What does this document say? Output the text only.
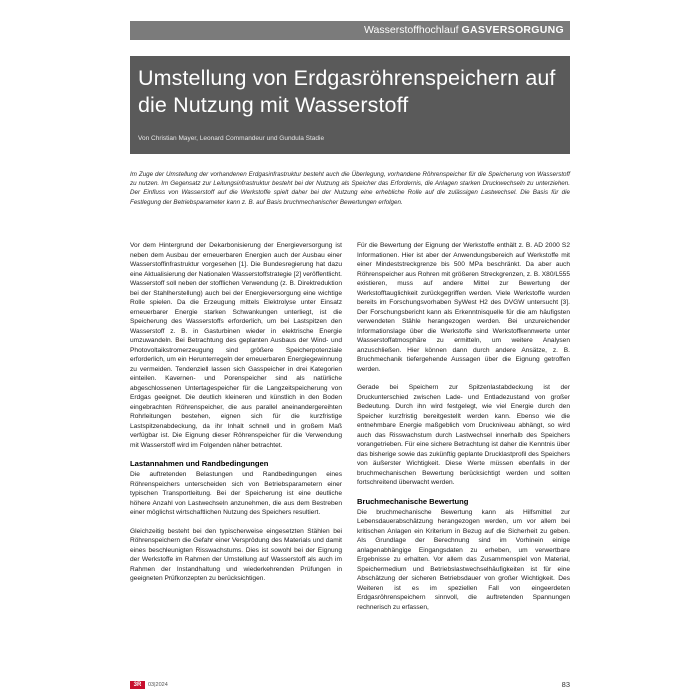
Wasserstoffhochlauf GASVERSORGUNG
Umstellung von Erdgasröhrenspeichern auf die Nutzung mit Wasserstoff
Von Christian Mayer, Leonard Commandeur und Gundula Stadie

Im Zuge der Umstellung der vorhandenen Erdgasinfrastruktur besteht auch die Überlegung, vorhandene Röhrenspeicher für die Speicherung von Wasserstoff zu nutzen. Im Gegensatz zur Leitungsinfrastruktur besteht bei der Nutzung als Speicher das Erfordernis, die Anlagen starken Druckwechseln zu unterziehen. Der Einfluss von Wasserstoff auf die Werkstoffe spielt daher bei der Nutzung eine erhebliche Rolle auf die zulässigen Lastwechsel. Die Basis für die Festlegung der Betriebsparameter kann z. B. auf Basis bruchmechanischer Bewertungen erfolgen.

Vor dem Hintergrund der Dekarbonisierung der Energieversorgung ist neben dem Ausbau der erneuerbaren Energien auch der Ausbau einer Wasserstoffinfrastruktur vorgesehen [1]. Die Bundesregierung hat dazu eine Aktualisierung der Nationalen Wasserstoffstrategie [2] veröffentlicht. Wasserstoff soll neben der stofflichen Verwendung (z. B. Direktreduktion bei der Stahlherstellung) auch bei der Energieversorgung eine wichtige Rolle spielen. Da die Erzeugung mittels Elektrolyse unter Einsatz erneuerbarer Energie starken Schwankungen unterliegt, ist die Speicherung des Wasserstoffs erforderlich, um bei Lastspitzen den Wasserstoff z. B. in Gasturbinen wieder in elektrische Energie umzuwandeln. Bei Betrachtung des geplanten Ausbaus der Wind- und Photovoltaikstromerzeugung sind größere Speicherpotenziale erforderlich, um ein Herunterregeln der erneuerbaren Energiegewinnung zu vermeiden. Tendenziell lassen sich Gasspeicher in drei Kategorien einteilen. Kavernen- und Porenspeicher sind als natürliche abgeschlossenen Untertagespeicher für die Langzeitspeicherung von Erdgas geeignet. Die deutlich kleineren und künstlich in den Boden eingebrachten Röhrenspeicher, die aus parallel aneinandergereihten Rohrleitungen bestehen, eignen sich für die kurzfristige Lastspitzenabdeckung, da ihr Inhalt schnell und in großem Maß verfügbar ist. Die Eignung dieser Röhrenspeicher für die Verwendung mit Wasserstoff wird im Folgenden näher betrachtet.

Lastannahmen und Randbedingungen

Die auftretenden Belastungen und Randbedingungen eines Röhrenspeichers unterscheiden sich von Betriebsparametern einer typischen Transportleitung. Bei der Speicherung ist eine deutliche höhere Anzahl von Lastwechseln anzunehmen, die aus dem Bestreben einer möglichst wirtschaftlichen Nutzung des Speichers resultiert.

Gleichzeitig besteht bei den typischerweise eingesetzten Stählen bei Röhrenspeichern die Gefahr einer Versprödung des Materials und damit eines beschleunigten Risswachstums. Dies ist sowohl bei der Eignung der Werkstoffe im Rahmen der Umstellung auf Wasserstoff als auch im Rahmen der Instandhaltung und wiederkehrenden Prüfungen in geeigneten Prüfkonzepten zu berücksichtigen.

Für die Bewertung der Eignung der Werkstoffe enthält z. B. AD 2000 S2 Informationen. Hier ist aber der Anwendungsbereich auf Werkstoffe mit einer Mindeststreckgrenze bis 500 MPa beschränkt. Da aber auch Röhrenspeicher aus Rohren mit größeren Streckgrenzen, z. B. X80/L555 existieren, muss auf andere Mittel zur Bewertung der Werkstofftauglichkeit zurückgegriffen werden. Viele Werkstoffe wurden bereits im Forschungsvorhaben SyWest H2 des DVGW untersucht [3]. Der Forschungsbericht kann als Erkenntnisquelle für die am häufigsten verwendeten Stähle herangezogen werden. Bei unzureichender Informationslage über die Werkstoffe sind Werkstoffkennwerte unter Wasserstoffatmosphäre zu ermitteln, um weitere Analysen anzuschließen. Hier können dann durch andere Ansätze, z. B. Bruchmechanik tiefergehende Aussagen über die Eignung getroffen werden.

Gerade bei Speichern zur Spitzenlastabdeckung ist der Druckunterschied zwischen Lade- und Entladezustand von großer Bedeutung. Durch ihn wird festgelegt, wie viel Energie durch den Speicher kurzfristig bereitgestellt werden kann. Ebenso wie die entnehmbare Energie maßgeblich vom Druckniveau abhängt, so wird auch das Risswachstum durch Lastwechsel innerhalb des Speichers vorangetrieben. Für eine sichere Betrachtung ist daher die Kenntnis über das bisherige sowie das zukünftig geplante Drucklastprofil des Speichers von äußerster Wichtigkeit. Diese Werte müssen ebenfalls in der bruchmechanischen Bewertung berücksichtigt werden und sollten fortschreitend überwacht werden.

Bruchmechanische Bewertung

Die bruchmechanische Bewertung kann als Hilfsmittel zur Lebensdauerabschätzung herangezogen werden, um vor allem bei kritischen Anlagen ein Kriterium in Bezug auf die Sicherheit zu geben. Als Grundlage der Berechnung sind im Vorhinein einige anlagenabhängige Eingangsdaten zu erheben, um verwertbare Ergebnisse zu erhalten. Vor allem das Zusammenspiel von Material, Speichermedium und Betriebslastwechselhäufigkeiten ist für eine Abschätzung der sicheren Betriebsdauer von großer Wichtigkeit. Des Weiteren ist es im speziellen Fall von eingeerdeten Erdgasröhrenspeichern sinnvoll, die auftretenden Spannungen rechnerisch zu erfassen,

3R	03|2024	83
